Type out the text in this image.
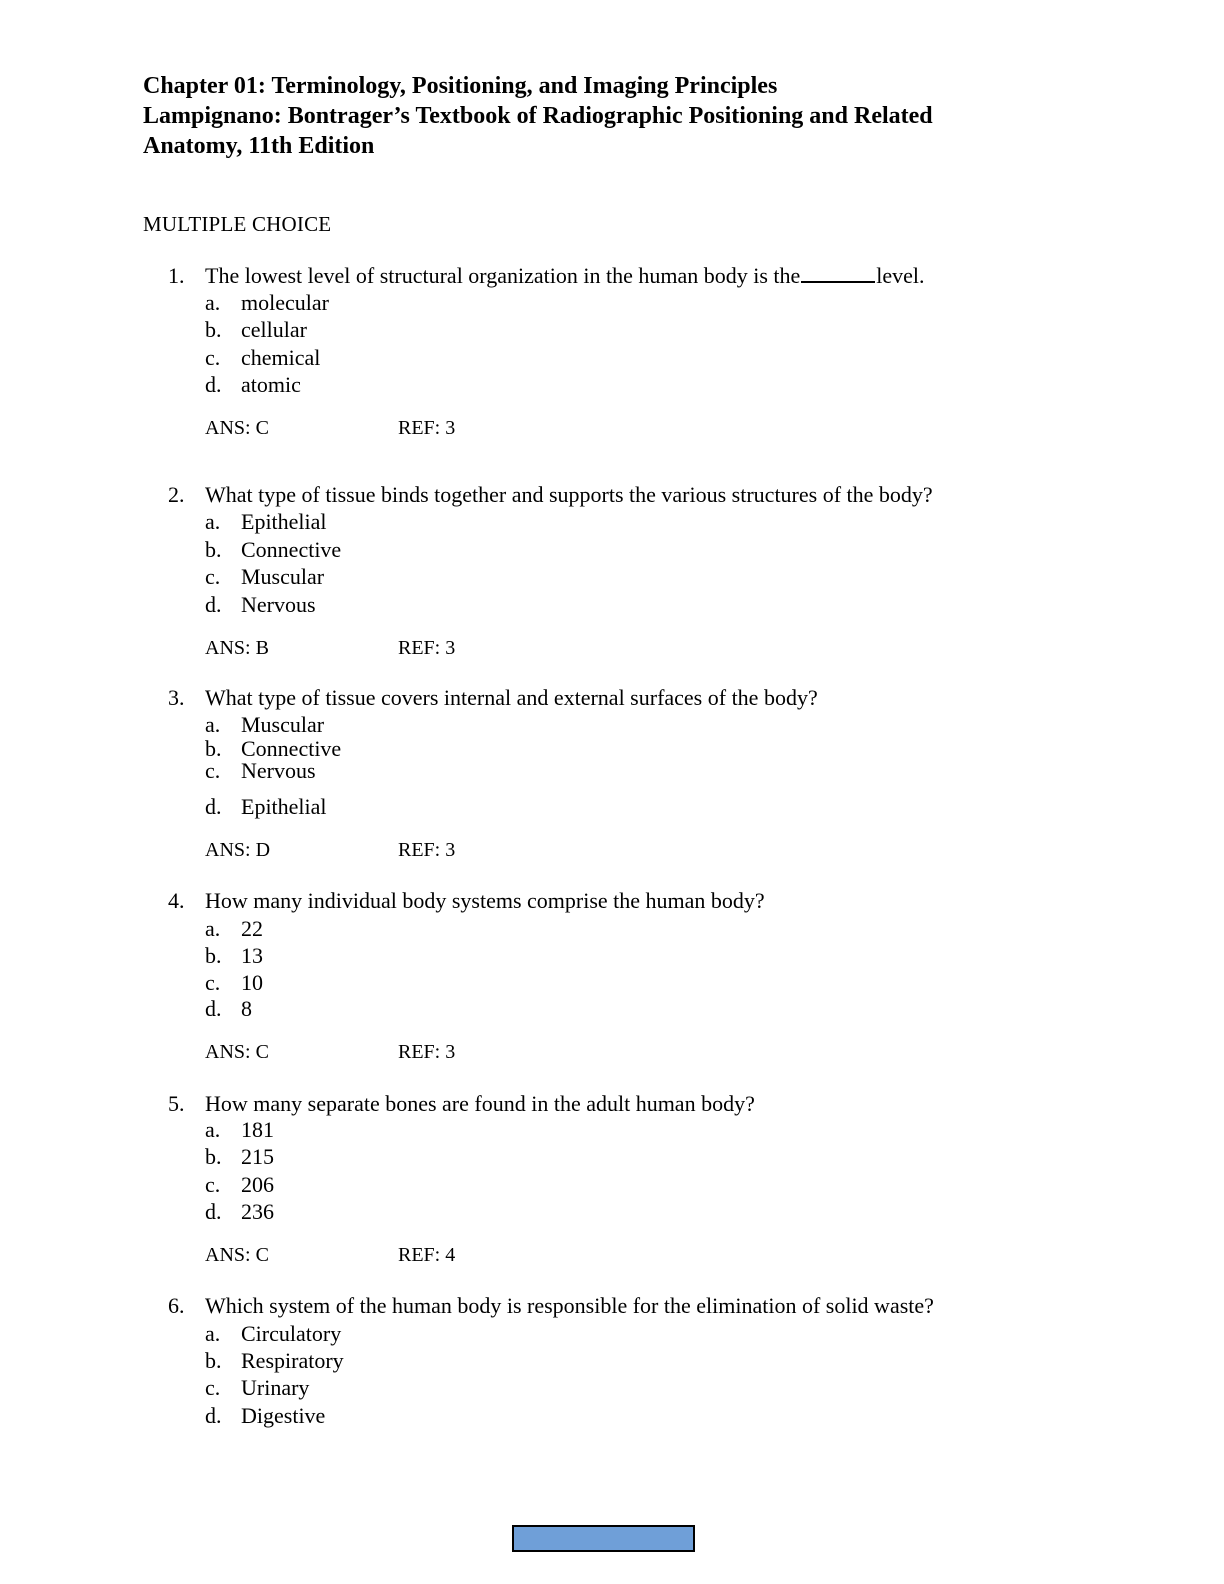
Chapter 01: Terminology, Positioning, and Imaging Principles
Lampignano: Bontrager’s Textbook of Radiographic Positioning and Related
Anatomy, 11th Edition
MULTIPLE CHOICE
1. The lowest level of structural organization in the human body is the	level.
a. molecular
b. cellular
c. chemical
d. atomic
ANS: C	REF: 3
2. What type of tissue binds together and supports the various structures of the body?
a. Epithelial
b. Connective
c. Muscular
d. Nervous
ANS: B	REF: 3
3. What type of tissue covers internal and external surfaces of the body?
a. Muscular
b. Connective
c. Nervous
d. Epithelial
ANS: D	REF: 3
4. How many individual body systems comprise the human body?
a. 22
b. 13
c. 10
d. 8
ANS: C	REF: 3
5. How many separate bones are found in the adult human body?
a. 181
b. 215
c. 206
d. 236
ANS: C	REF: 4
6. Which system of the human body is responsible for the elimination of solid waste?
a. Circulatory
b. Respiratory
c. Urinary
d. Digestive
